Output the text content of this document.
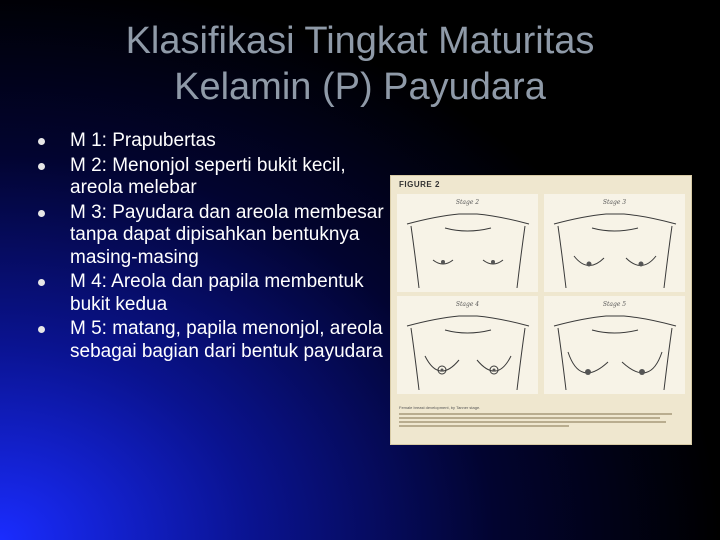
Klasifikasi Tingkat Maturitas
Kelamin (P) Payudara
M 1: Prapubertas
M 2: Menonjol seperti bukit kecil, areola melebar
M 3: Payudara dan areola membesar tanpa dapat dipisahkan bentuknya masing-masing
M 4: Areola dan papila membentuk bukit kedua
M 5: matang, papila menonjol, areola sebagai bagian dari bentuk payudara
FIGURE 2
Stage 2	Stage 3
Stage 4	Stage 5
Female breast development, by Tanner stage.
